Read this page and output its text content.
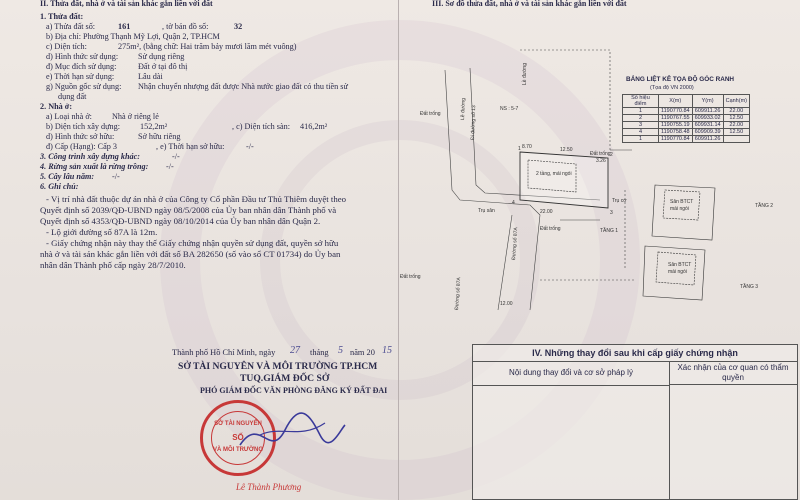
II. Thửa đất, nhà ở và tài sản khác gắn liền với đất
1. Thửa đất:
a) Thửa đất số:	161	, tờ bản đồ số:	32
b) Địa chỉ: Phường Thạnh Mỹ Lợi, Quận 2, TP.HCM
c) Diện tích:	275m², (bằng chữ: Hai trăm bảy mươi lăm mét vuông)
d) Hình thức sử dụng: Sử dụng riêng
đ) Mục đích sử dụng:	Đất ở tại đô thị
e) Thời hạn sử dụng:	Lâu dài
g) Nguồn gốc sử dụng: Nhận chuyển nhượng đất được Nhà nước giao đất có thu tiền sử
dụng đất
2. Nhà ở:
a) Loại nhà ở: Nhà ở riêng lẻ
b) Diện tích xây dựng: 152,2m²	, c) Diện tích sàn: 416,2m²
d) Hình thức sở hữu:	Sở hữu riêng
đ) Cấp (Hạng): Cấp 3	, e) Thời hạn sở hữu:	-/-
3. Công trình xây dựng khác:	-/-
4. Rừng sản xuất là rừng trồng: -/-
5. Cây lâu năm: -/-
6. Ghi chú:
- Vị trí nhà đất thuộc dự án nhà ở của Công ty Cổ phần Đầu tư Thủ Thiêm duyệt theo
Quyết định số 2039/QĐ-UBND ngày 08/5/2008 của Ủy ban nhân dân Thành phố và
Quyết định số 4353/QĐ-UBND ngày 08/10/2014 của Ủy ban nhân dân Quận 2.
- Lộ giới đường số 87A là 12m.
- Giấy chứng nhận này thay thế Giấy chứng nhận quyền sử dụng đất, quyền sở hữu
nhà ở và tài sản khác gắn liền với đất số BA 282650 (số vào sổ CT 01734) do Ủy ban
nhân dân Thành phố cấp ngày 28/7/2010.
Thành phố Hồ Chí Minh, ngày 27 tháng 5 năm 20 15
SỞ TÀI NGUYÊN VÀ MÔI TRƯỜNG TP.HCM
TUQ.GIÁM ĐỐC SỞ
PHÓ GIÁM ĐỐC VĂN PHÒNG ĐĂNG KÝ ĐẤT ĐAI
SỞ TÀI NGUYÊN
SỐ
VÀ MÔI TRƯỜNG
Lê Thành Phương
III. Sơ đồ thửa đất, nhà ở và tài sản khác gắn liền với đất
1
2
3
4
NS : 5-7
Lề đường
Đi đường số 13
Lề đường
Đất trống
Đất trống
Đất trống
Đất trống
Đường số 87A
Đường số 87A
2 tầng, mái ngói
Sân BTCT
mái ngói
Sân BTCT
mái ngói
TẦNG 1
TẦNG 2
TẦNG 3
Trụ sân
Trụ cơ
12.50
22.00
12.00
8.70
3.26
BẢNG LIỆT KÊ TỌA ĐỘ GÓC RANH
(Tọa độ VN 2000)
Số hiệu điểm	X(m)	Y(m)	Cạnh(m)
1	1190770.84	609911.26	22.00
2	1190767.55	609933.02	12.50
3	1190755.19	609931.14	22.00
4	1190758.48	609909.39	12.50
1	1190770.84	609911.26	
IV. Những thay đổi sau khi cấp giấy chứng nhận
Nội dung thay đổi và cơ sở pháp lý
Xác nhận của cơ quan có thẩm quyền
